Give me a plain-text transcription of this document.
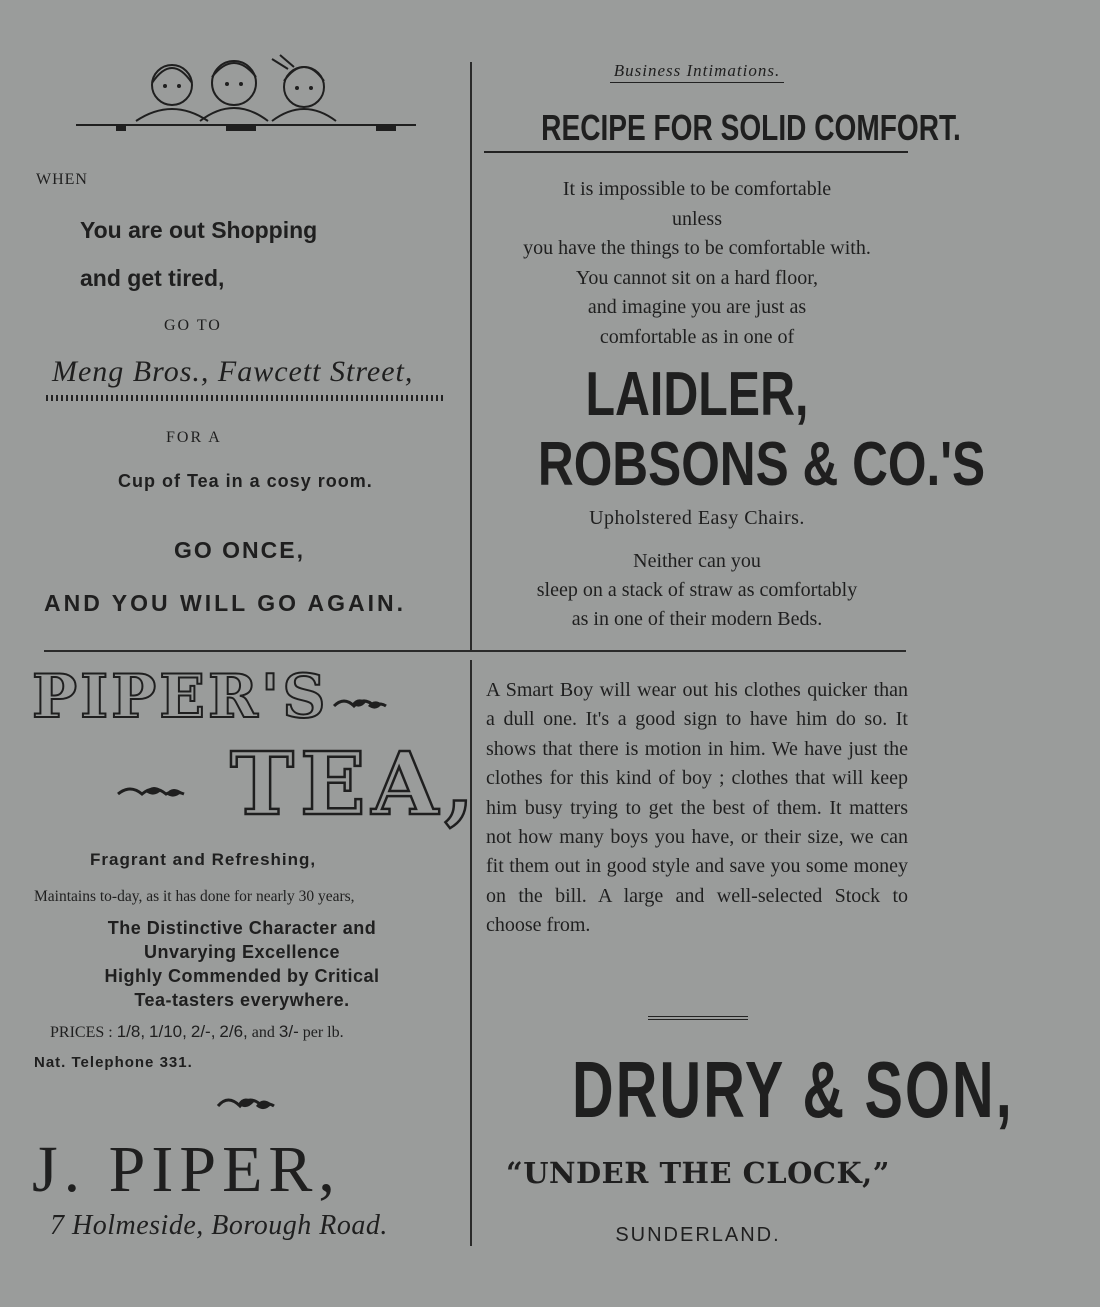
WHEN
You are out Shopping
and get tired,
GO TO
Meng Bros., Fawcett Street,
FOR A
Cup of Tea in a cosy room.
GO ONCE,
AND YOU WILL GO AGAIN.
Business Intimations.
RECIPE FOR SOLID COMFORT.
It is impossible to be comfortable
unless
you have the things to be comfortable with.
You cannot sit on a hard floor,
and imagine you are just as
comfortable as in one of
LAIDLER,
ROBSONS & CO.'S
Upholstered Easy Chairs.
Neither can you
sleep on a stack of straw as comfortably
as in one of their modern Beds.
PIPER'S
TEA,
Fragrant and Refreshing,
Maintains to-day, as it has done for nearly 30 years,
The Distinctive Character and
Unvarying Excellence
Highly Commended by Critical
Tea-tasters everywhere.
PRICES : 1/8, 1/10, 2/-, 2/6, and 3/- per lb.
Nat. Telephone 331.
J. PIPER,
7 Holmeside, Borough Road.
A Smart Boy will wear out his clothes quicker than a dull one. It's a good sign to have him do so. It shows that there is motion in him. We have just the clothes for this kind of boy ; clothes that will keep him busy trying to get the best of them. It matters not how many boys you have, or their size, we can fit them out in good style and save you some money on the bill. A large and well-selected Stock to choose from.
DRURY & SON,
“UNDER THE CLOCK,”
SUNDERLAND.
